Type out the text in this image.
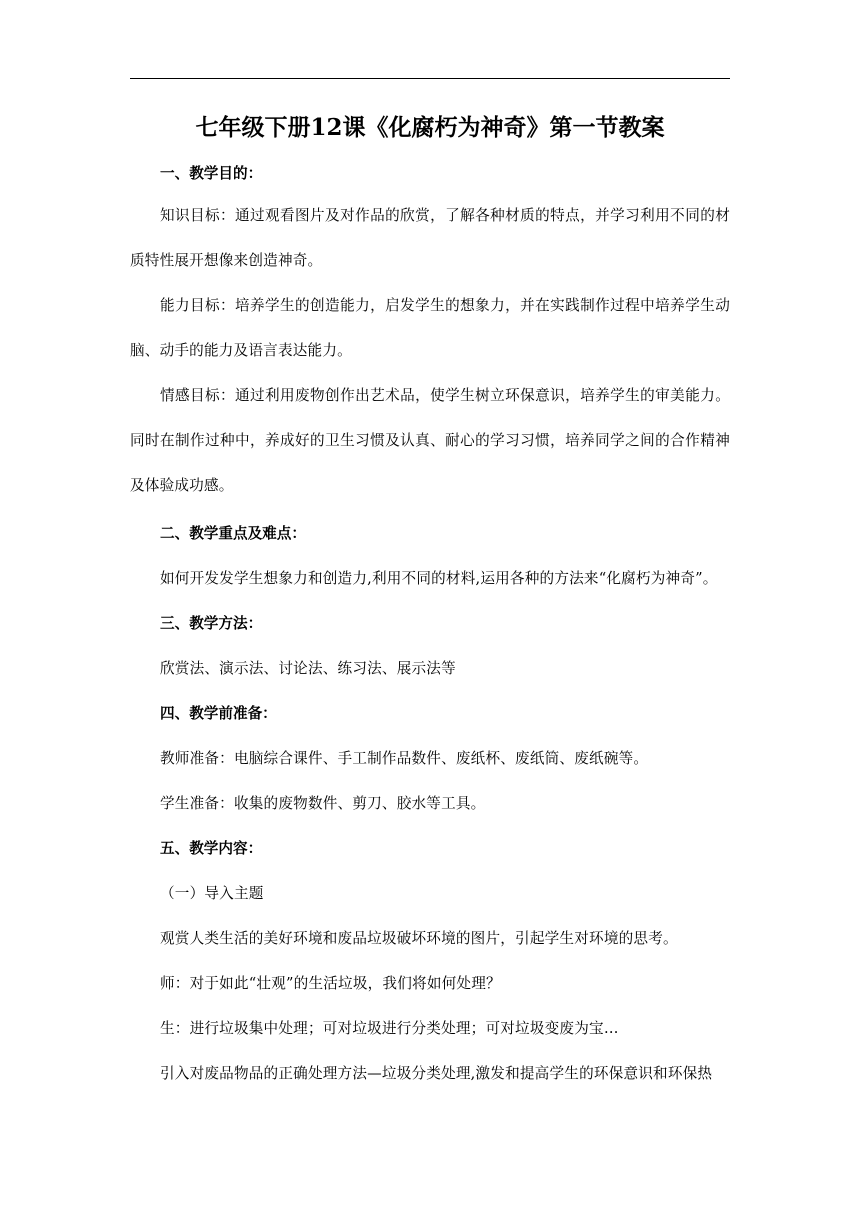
七年级下册12课《化腐朽为神奇》第一节教案
一、教学目的：

知识目标：通过观看图片及对作品的欣赏，了解各种材质的特点，并学习利用不同的材质特性展开想像来创造神奇。

能力目标：培养学生的创造能力，启发学生的想象力，并在实践制作过程中培养学生动脑、动手的能力及语言表达能力。

情感目标：通过利用废物创作出艺术品，使学生树立环保意识，培养学生的审美能力。同时在制作过种中，养成好的卫生习惯及认真、耐心的学习习惯，培养同学之间的合作精神及体验成功感。

二、教学重点及难点：
如何开发发学生想象力和创造力,利用不同的材料,运用各种的方法来“化腐朽为神奇”。
三、教学方法：
欣赏法、演示法、讨论法、练习法、展示法等
四、教学前准备：
教师准备：电脑综合课件、手工制作品数件、废纸杯、废纸筒、废纸碗等。
学生准备：收集的废物数件、剪刀、胶水等工具。
五、教学内容：
（一）导入主题
观赏人类生活的美好环境和废品垃圾破坏环境的图片，引起学生对环境的思考。
师：对于如此“壮观”的生活垃圾，我们将如何处理？
生：进行垃圾集中处理；可对垃圾进行分类处理；可对垃圾变废为宝…
引入对废品物品的正确处理方法—垃圾分类处理,激发和提高学生的环保意识和环保热
